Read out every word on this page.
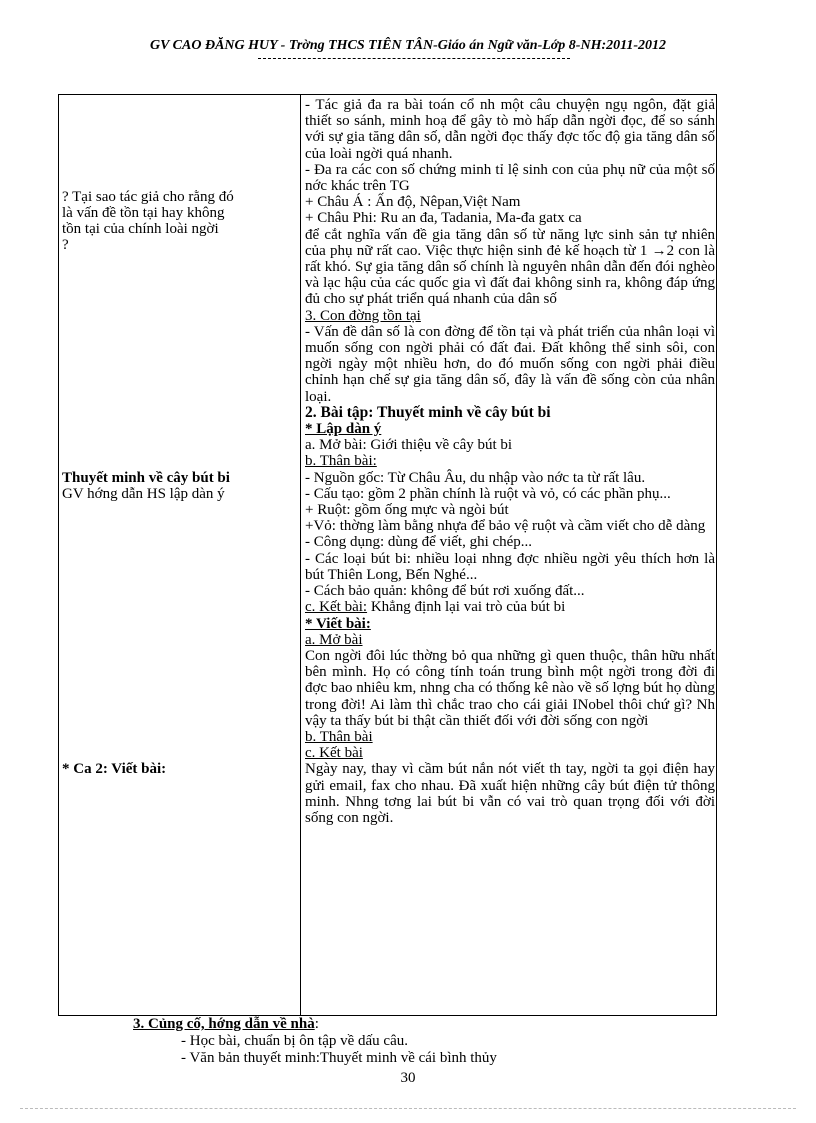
GV CAO ĐĂNG HUY - Trờng THCS TIÊN TÂN-Giáo án Ngữ văn-Lớp 8-NH:2011-2012
? Tại sao tác giả cho rằng đó
là vấn đề tồn tại hay không
tồn tại của chính loài ngời
?
Thuyết minh về cây bút bi
GV hớng dẫn HS lập dàn ý
* Ca 2: Viết bài:

- Tác giả đa ra bài toán cổ nh một câu chuyện ngụ ngôn, đặt giả thiết so sánh, minh hoạ để gây tò mò hấp dẫn ngời đọc, để so sánh với sự gia tăng dân số, dẫn ngời đọc thấy đợc tốc độ gia tăng dân số của loài ngời quá nhanh.

- Đa ra các con số chứng minh tỉ lệ sinh con của phụ nữ của một số nớc khác trên TG

+ Châu Á : Ấn độ, Nêpan,Việt Nam

+ Châu Phi: Ru an đa, Tadania, Ma-đa gatx ca

để cắt nghĩa vấn đề gia tăng dân số từ năng lực sinh sản tự nhiên của phụ nữ rất cao. Việc thực hiện sinh đẻ kế hoạch từ 1 →2 con là rất khó. Sự gia tăng dân số chính là nguyên nhân dẫn đến đói nghèo và lạc hậu của các quốc gia vì đất đai không sinh ra, không đáp ứng đủ cho sự phát triển quá nhanh của dân số

3. Con đờng tồn tại

- Vấn đề dân số là con đờng để tồn tại và phát triển của nhân loại vì muốn sống con ngời phải có đất đai. Đất không thể sinh sôi, con ngời ngày một nhiều hơn, do đó muốn sống con ngời phải điều chỉnh hạn chế sự gia tăng dân số, đây là vấn đề sống còn của nhân loại.

2. Bài tập: Thuyết minh về cây bút bi

* Lập dàn ý

a. Mở bài: Giới thiệu về cây bút bi

b. Thân bài:

- Nguồn gốc: Từ Châu Âu, du nhập vào nớc ta từ rất lâu.

- Cấu tạo: gồm 2 phần chính là ruột và vỏ, có các phần phụ...

+ Ruột: gồm ống mực và ngòi bút

+Vỏ: thờng làm bằng nhựa để bảo vệ ruột và cầm viết cho dễ dàng

- Công dụng: dùng để viết, ghi chép...

- Các loại bút bi: nhiều loại nhng đợc nhiều ngời yêu thích hơn là bút Thiên Long, Bến Nghé...

- Cách bảo quản: không để bút rơi xuống đất...

c. Kết bài: Khẳng định lại vai trò của bút bi

* Viết bài:

a. Mở bài

Con ngời đôi lúc thờng bỏ qua những gì quen thuộc, thân hữu nhất bên mình. Họ có công tính toán trung bình một ngời trong đời đi đợc bao nhiêu km, nhng cha có thống kê nào về số lợng bút họ dùng trong đời! Ai làm thì chắc trao cho cái giải INobel thôi chứ gì? Nh vậy ta thấy bút bi thật cần thiết đối với đời sống con ngời

b. Thân bài

c. Kết bài

Ngày nay, thay vì cầm bút nắn nót viết th tay, ngời ta gọi điện hay gửi email, fax cho nhau. Đã xuất hiện những cây bút điện tử thông minh. Nhng tơng lai bút bi vẫn có vai trò quan trọng đối với đời sống con ngời.

3. Củng cố, hớng dẫn về nhà:
- Học bài, chuẩn bị ôn tập về dấu câu.
- Văn bản thuyết minh:Thuyết minh về cái bình thủy
30
